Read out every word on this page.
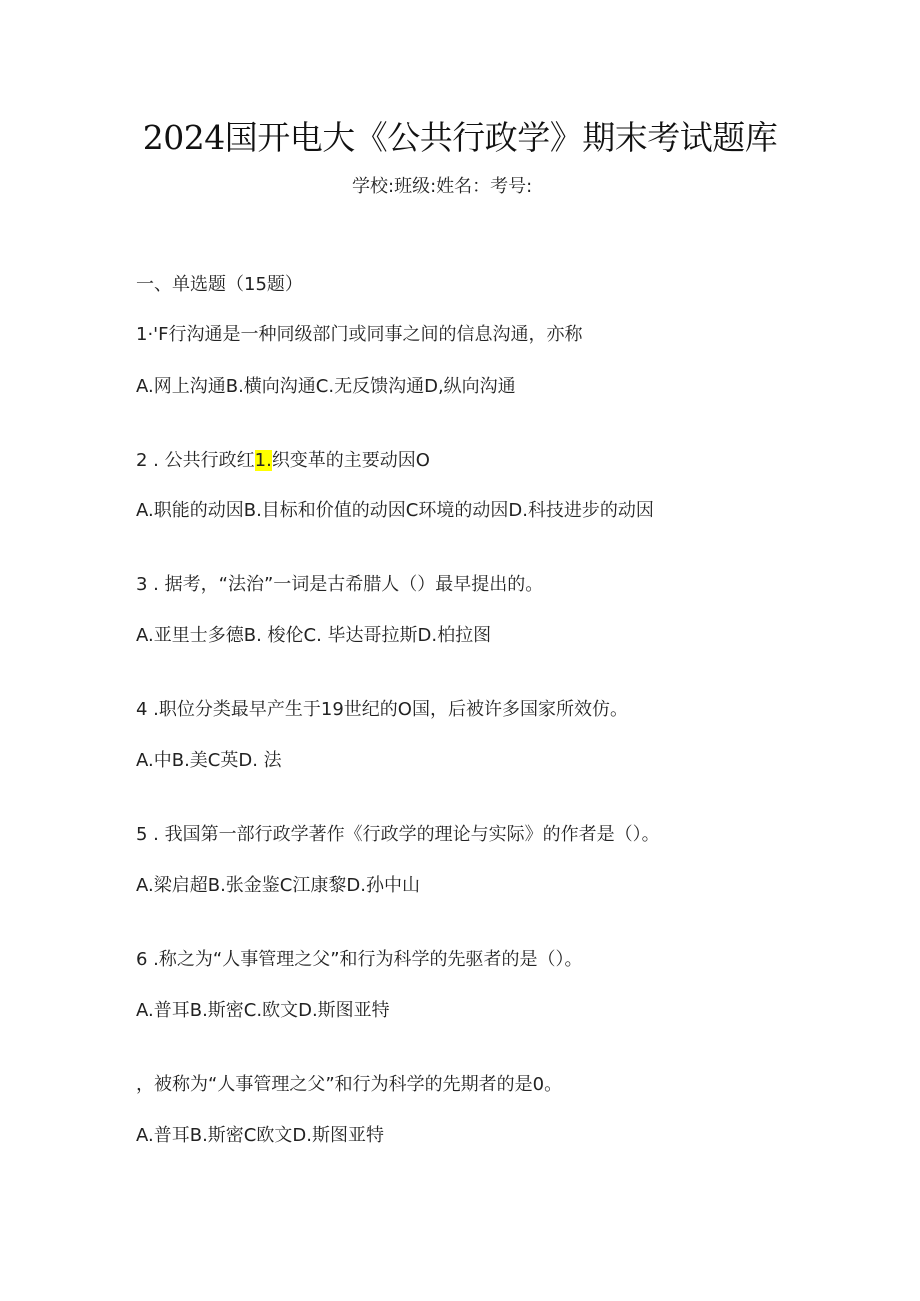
2024国开电大《公共行政学》期末考试题库
学校:班级:姓名：考号:
一、单选题（15题）
1·'F行沟通是一种同级部门或同事之间的信息沟通，亦称
A.网上沟通B.横向沟通C.无反馈沟通D,纵向沟通
2 . 公共行政红1.织变革的主要动因O
A.职能的动因B.目标和价值的动因C环境的动因D.科技进步的动因
3 . 据考，“法治”一词是古希腊人（）最早提出的。
A.亚里士多德B. 梭伦C. 毕达哥拉斯D.柏拉图
4 .职位分类最早产生于19世纪的O国，后被许多国家所效仿。
A.中B.美C英D. 法
5 . 我国第一部行政学著作《行政学的理论与实际》的作者是（）。
A.梁启超B.张金鉴C江康黎D.孙中山
6 .称之为“人事管理之父”和行为科学的先驱者的是（）。
A.普耳B.斯密C.欧文D.斯图亚特
，被称为“人事管理之父”和行为科学的先期者的是0。
A.普耳B.斯密C欧文D.斯图亚特
